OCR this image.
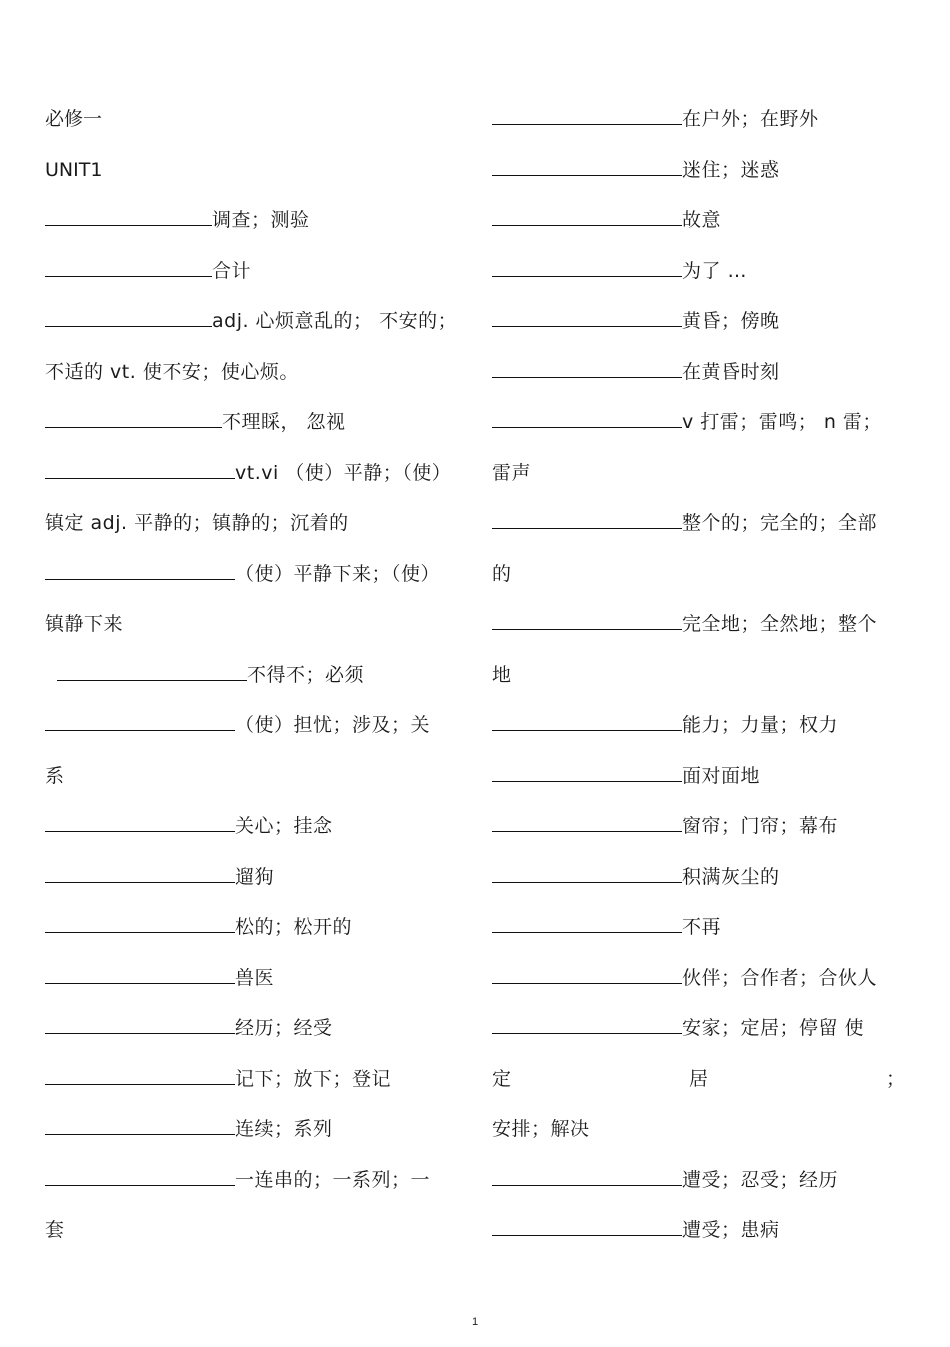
必修一
UNIT1
调查；测验
合计
adj. 心烦意乱的； 不安的；
不适的 vt. 使不安；使心烦。
不理睬， 忽视
vt.vi （使）平静；（使）
镇定 adj. 平静的；镇静的；沉着的
（使）平静下来；（使）
镇静下来
不得不；必须
（使）担忧；涉及；关
系
关心；挂念
遛狗
松的；松开的
兽医
经历；经受
记下；放下；登记
连续；系列
一连串的；一系列；一
套
在户外；在野外
迷住；迷惑
故意
为了 …
黄昏；傍晚
在黄昏时刻
v 打雷；雷鸣； n 雷；
雷声
整个的；完全的；全部
的
完全地；全然地；整个
地
能力；力量；权力
面对面地
窗帘；门帘；幕布
积满灰尘的
不再
伙伴；合作者；合伙人
安家；定居；停留 使
定	居	；
安排；解决
遭受；忍受；经历
遭受；患病
1
